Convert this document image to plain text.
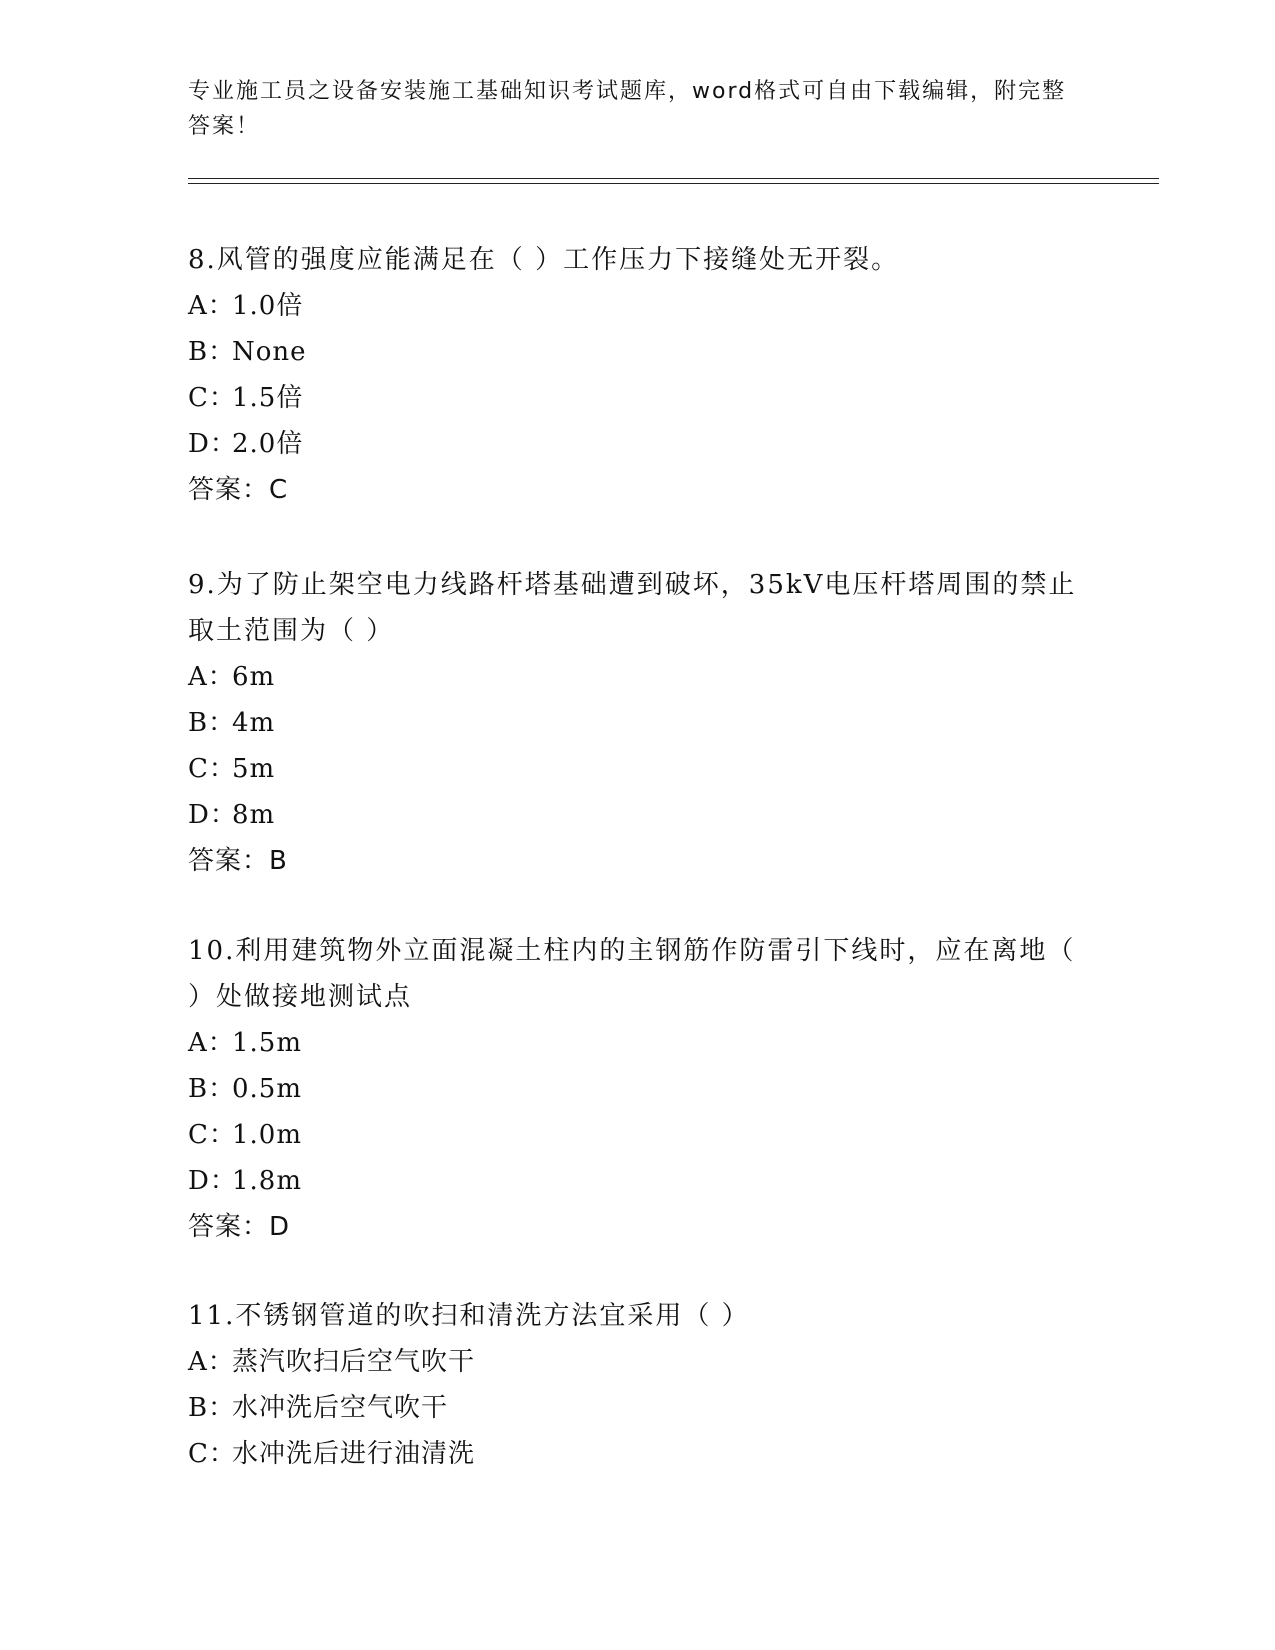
专业施工员之设备安装施工基础知识考试题库，word格式可自由下载编辑，附完整答案！

8.风管的强度应能满足在（ ）工作压力下接缝处无开裂。

A：1.0倍

B：None

C：1.5倍

D：2.0倍

答案：C

9.为了防止架空电力线路杆塔基础遭到破坏，35kV电压杆塔周围的禁止取土范围为（ ）

A：6m

B：4m

C：5m

D：8m

答案：B

10.利用建筑物外立面混凝土柱内的主钢筋作防雷引下线时，应在离地（ ）处做接地测试点

A：1.5m

B：0.5m

C：1.0m

D：1.8m

答案：D

11.不锈钢管道的吹扫和清洗方法宜采用（ ）

A：蒸汽吹扫后空气吹干

B：水冲洗后空气吹干

C：水冲洗后进行油清洗
